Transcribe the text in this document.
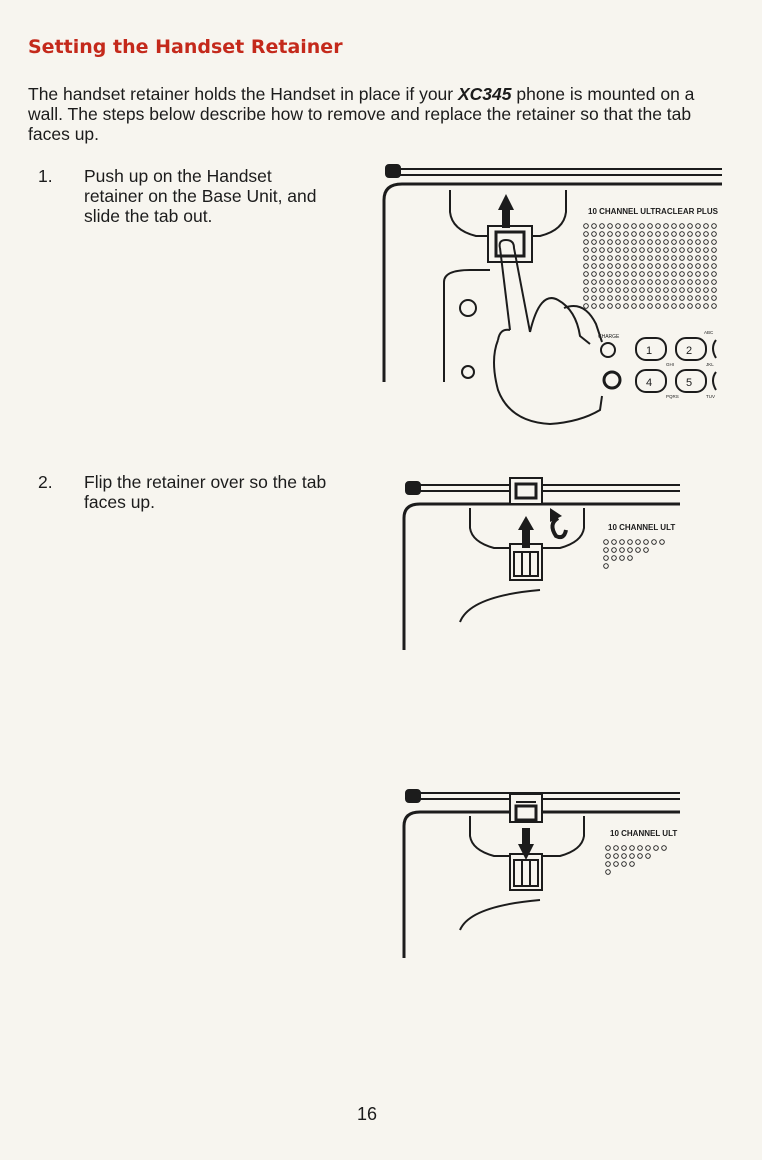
Setting the Handset Retainer

The handset retainer holds the Handset in place if your XC345 phone is mounted on a wall. The steps below describe how to remove and replace the retainer so that the tab faces up.

1. Push up on the Handset retainer on the Base Unit, and slide the tab out.
2. Flip the retainer over so the tab faces up.
10 CHANNEL ULTRACLEAR PLUS
CHARGE
1	2
4	5
ABC
GHI	JKL
PQRS	TUV
10 CHANNEL ULT
10 CHANNEL ULT
16
